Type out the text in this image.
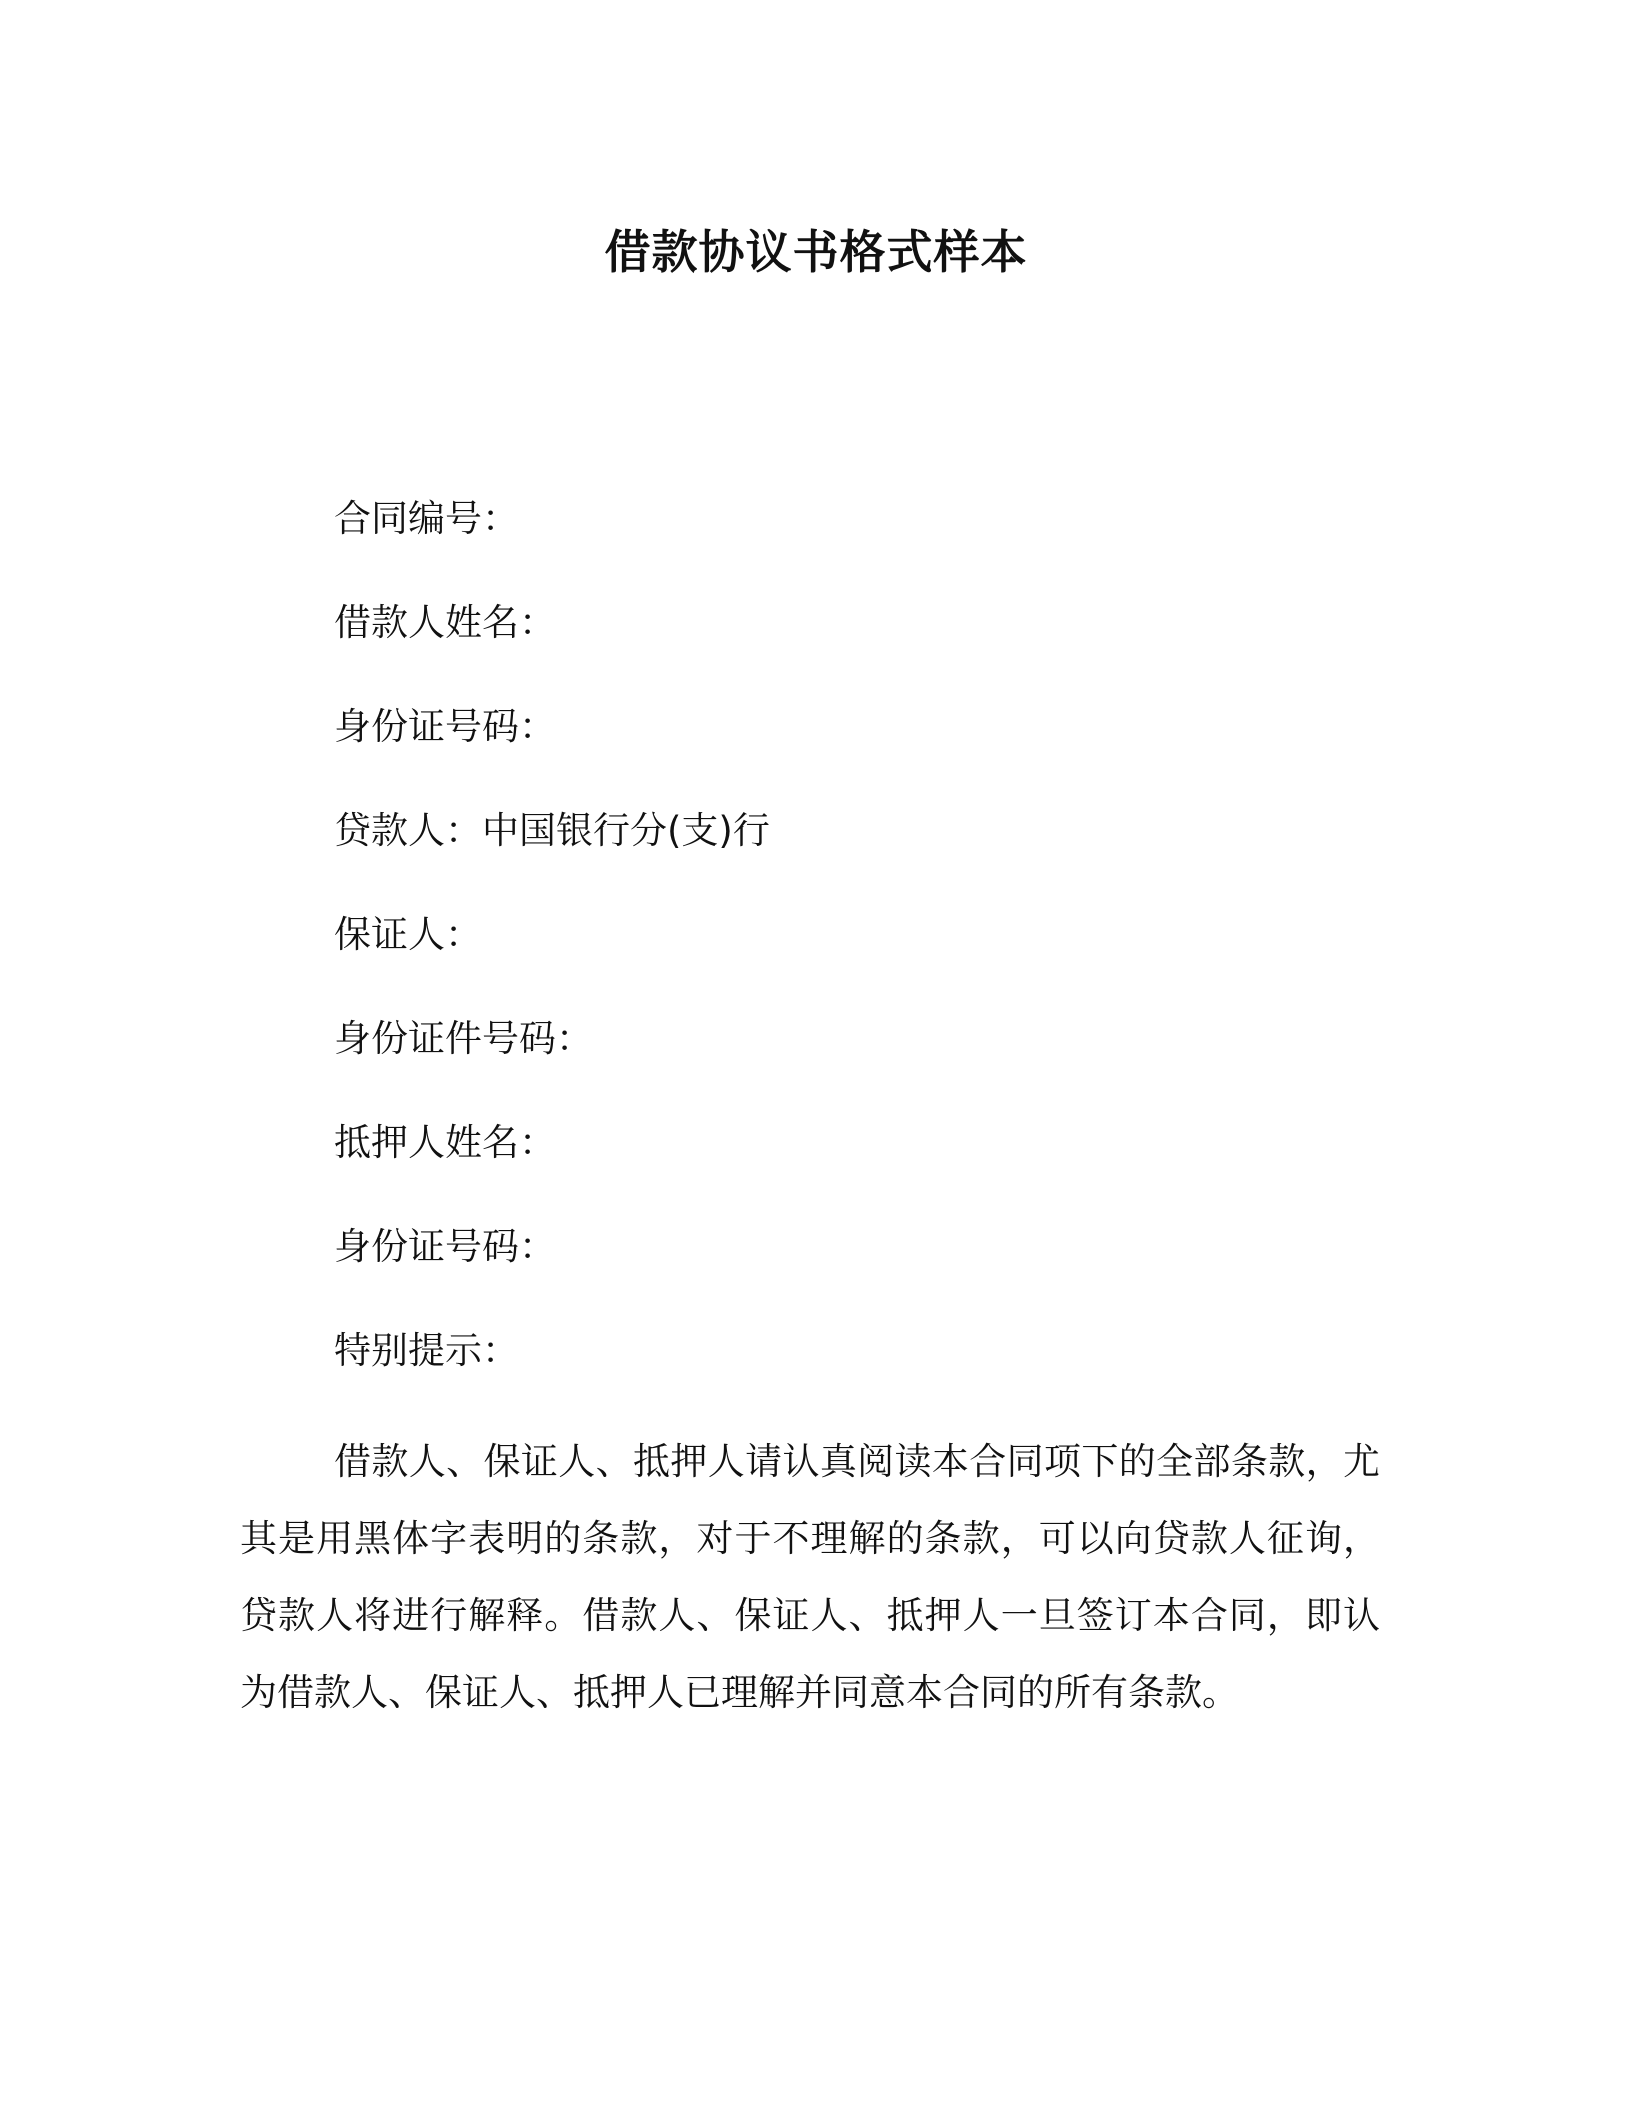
借款协议书格式样本
合同编号：
借款人姓名：
身份证号码：
贷款人：中国银行分(支)行
保证人：
身份证件号码：
抵押人姓名：
身份证号码：
特别提示：

借款人、保证人、抵押人请认真阅读本合同项下的全部条款，尤其是用黑体字表明的条款，对于不理解的条款，可以向贷款人征询，贷款人将进行解释。借款人、保证人、抵押人一旦签订本合同，即认为借款人、保证人、抵押人已理解并同意本合同的所有条款。
